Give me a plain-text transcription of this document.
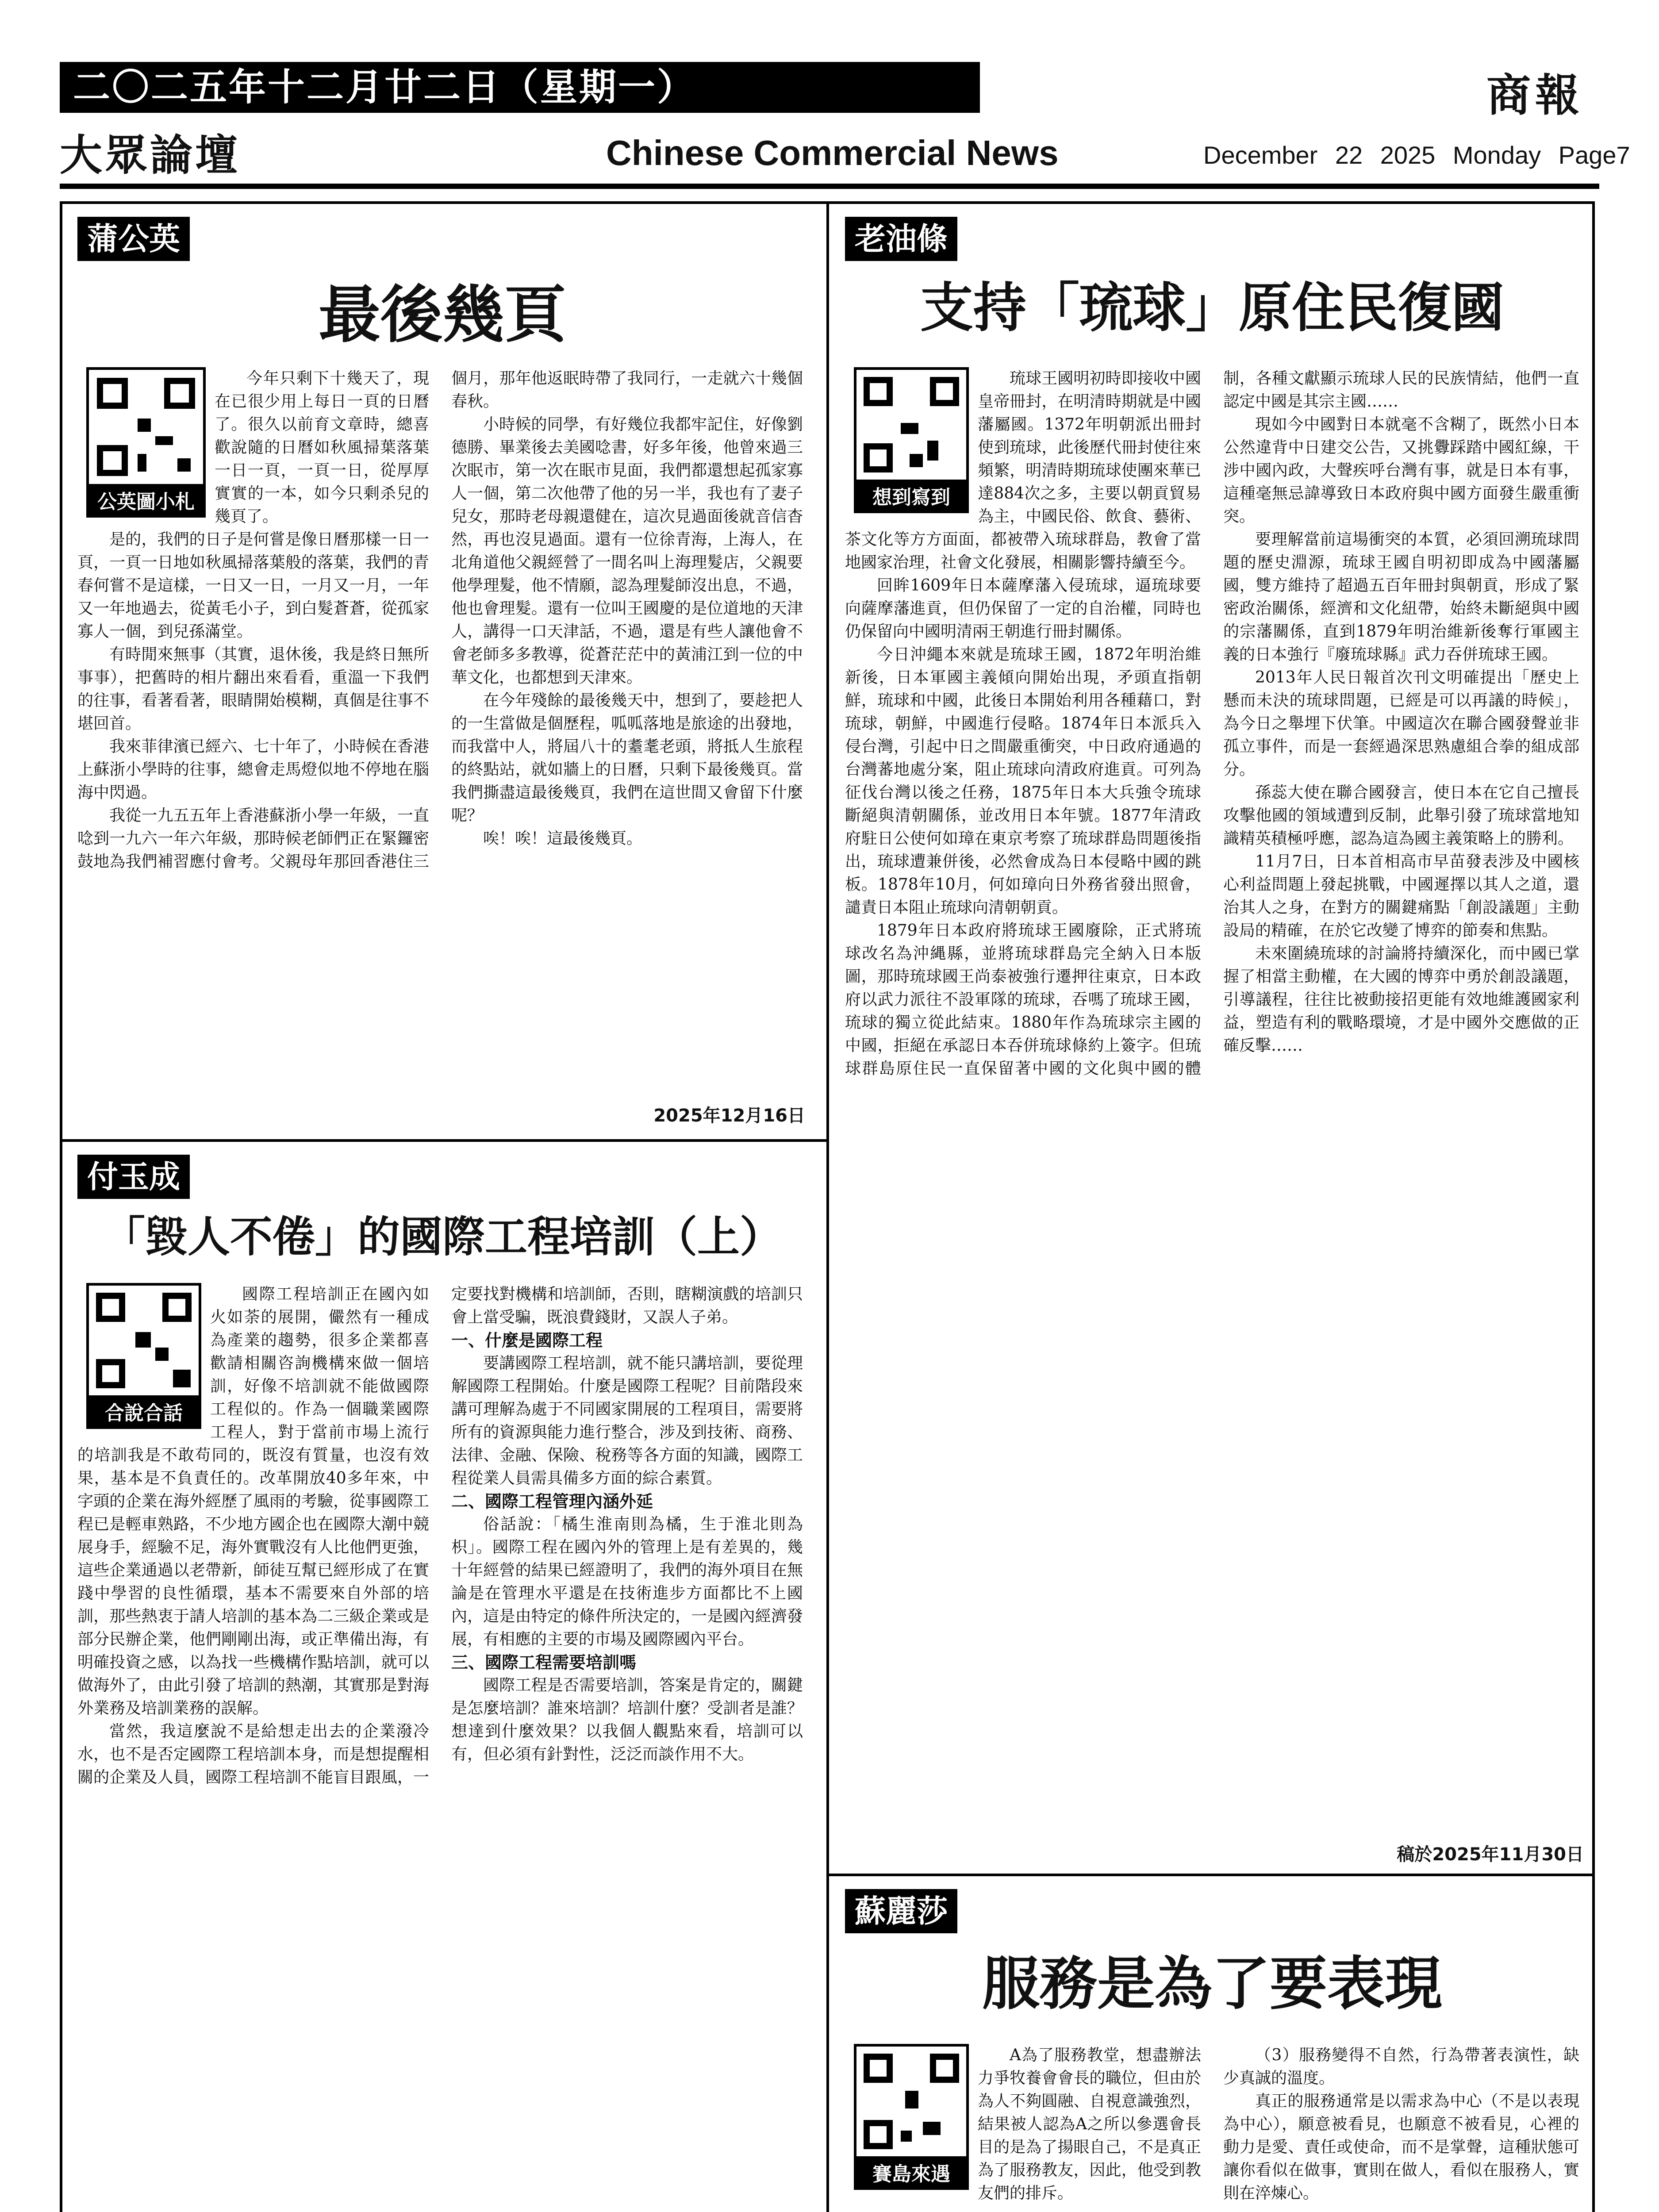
二〇二五年十二月廿二日（星期一）	商報
大眾論壇	Chinese Commercial News	December 22 2025 Monday Page7
蒲公英
最後幾頁
公英圖小札

今年只剩下十幾天了，現在已很少用上每日一頁的日曆了。很久以前育文章時，總喜歡說隨的日曆如秋風掃葉落葉一日一頁，一頁一日，從厚厚實實的一本，如今只剩杀兒的幾頁了。

是的，我們的日子是何嘗是像日曆那樣一日一頁，一頁一日地如秋風掃落葉般的落葉，我們的青春何嘗不是這樣，一日又一日，一月又一月，一年又一年地過去，從黃毛小子，到白髮蒼蒼，從孤家寡人一個，到兒孫滿堂。

有時閒來無事（其實，退休後，我是終日無所事事），把舊時的相片翻出來看看，重溫一下我們的往事，看著看著，眼睛開始模糊，真個是往事不堪回首。

我來菲律濱已經六、七十年了，小時候在香港上蘇浙小學時的往事，總會走馬燈似地不停地在腦海中閃過。

我從一九五五年上香港蘇浙小學一年級，一直唸到一九六一年六年級，那時候老師們正在緊鑼密鼓地為我們補習應付會考。父親母年那回香港住三個月，那年他返眠時帶了我同行，一走就六十幾個春秋。

小時候的同學，有好幾位我都牢記住，好像劉德勝、畢業後去美國唸書，好多年後，他曾來過三次眠市，第一次在眠市見面，我們都還想起孤家寡人一個，第二次他帶了他的另一半，我也有了妻子兒女，那時老母親還健在，這次見過面後就音信杳然，再也沒見過面。還有一位徐青海，上海人，在北角道他父親經營了一間名叫上海理髮店，父親要他學理髮，他不情願，認為理髮師沒出息，不過，他也會理髮。還有一位叫王國慶的是位道地的天津人，講得一口天津話，不過，還是有些人讓他會不會老師多多教導，從蒼茫茫中的黃浦江到一位的中華文化，也都想到天津來。

在今年殘餘的最後幾天中，想到了，要趁把人的一生當做是個歷程，呱呱落地是旅途的出發地，而我當中人，將屆八十的耋耄老頭，將抵人生旅程的終點站，就如牆上的日曆，只剩下最後幾頁。當我們撕盡這最後幾頁，我們在這世間又會留下什麼呢？

唉！唉！這最後幾頁。

2025年12月16日
付玉成
「毀人不倦」的國際工程培訓（上）
合說合話

國際工程培訓正在國內如火如荼的展開，儼然有一種成為產業的趨勢，很多企業都喜歡請相關咨詢機構來做一個培訓，好像不培訓就不能做國際工程似的。作為一個職業國際工程人，對于當前市場上流行的培訓我是不敢苟同的，既沒有質量，也沒有效果，基本是不負責任的。改革開放40多年來，中字頭的企業在海外經歷了風雨的考驗，從事國際工程已是輕車熟路，不少地方國企也在國際大潮中競展身手，經驗不足，海外實戰沒有人比他們更強，這些企業通過以老帶新，師徒互幫已經形成了在實踐中學習的良性循環，基本不需要來自外部的培訓，那些熱衷于請人培訓的基本為二三級企業或是部分民辦企業，他們剛剛出海，或正準備出海，有明確投資之感，以為找一些機構作點培訓，就可以做海外了，由此引發了培訓的熱潮，其實那是對海外業務及培訓業務的誤解。

當然，我這麼說不是給想走出去的企業潑冷水，也不是否定國際工程培訓本身，而是想提醒相關的企業及人員，國際工程培訓不能盲目跟風，一定要找對機構和培訓師，否則，瞎糊演戲的培訓只會上當受騙，既浪費錢財，又誤人子弟。

一、什麼是國際工程

要講國際工程培訓，就不能只講培訓，要從理解國際工程開始。什麼是國際工程呢？目前階段來講可理解為處于不同國家開展的工程項目，需要將所有的資源與能力進行整合，涉及到技術、商務、法律、金融、保險、稅務等各方面的知識，國際工程從業人員需具備多方面的綜合素質。

二、國際工程管理內涵外延

俗話說：「橘生淮南則為橘，生于淮北則為枳」。國際工程在國內外的管理上是有差異的，幾十年經營的結果已經證明了，我們的海外項目在無論是在管理水平還是在技術進步方面都比不上國內，這是由特定的條件所決定的，一是國內經濟發展，有相應的主要的市場及國際國內平台。

三、國際工程需要培訓嗎

國際工程是否需要培訓，答案是肯定的，關鍵是怎麼培訓？誰來培訓？培訓什麼？受訓者是誰？想達到什麼效果？以我個人觀點來看，培訓可以有，但必須有針對性，泛泛而談作用不大。

老油條
支持「琉球」原住民復國
想到寫到

琉球王國明初時即接收中國皇帝冊封，在明清時期就是中國藩屬國。1372年明朝派出冊封使到琉球，此後歷代冊封使往來頻繁，明清時期琉球使團來華已達884次之多，主要以朝貢貿易為主，中國民俗、飲食、藝術、茶文化等方方面面，都被帶入琉球群島，教會了當地國家治理，社會文化發展，相關影響持續至今。

回眸1609年日本薩摩藩入侵琉球，逼琉球要向薩摩藩進貢，但仍保留了一定的自治權，同時也仍保留向中國明清兩王朝進行冊封關係。

今日沖繩本來就是琉球王國，1872年明治維新後，日本軍國主義傾向開始出現，矛頭直指朝鮮，琉球和中國，此後日本開始利用各種藉口，對琉球，朝鮮，中國進行侵略。1874年日本派兵入侵台灣，引起中日之間嚴重衝突，中日政府通過的台灣蕃地處分案，阻止琉球向清政府進貢。可列為征伐台灣以後之任務，1875年日本大兵強令琉球斷絕與清朝關係，並改用日本年號。1877年清政府駐日公使何如璋在東京考察了琉球群島問題後指出，琉球遭兼併後，必然會成為日本侵略中國的跳板。1878年10月，何如璋向日外務省發出照會，譴責日本阻止琉球向清朝朝貢。

1879年日本政府將琉球王國廢除，正式將琉球改名為沖縄縣，並將琉球群島完全納入日本版圖，那時琉球國王尚泰被強行遷押往東京，日本政府以武力派往不設軍隊的琉球，吞嗎了琉球王國，琉球的獨立從此結束。1880年作為琉球宗主國的中國，拒絕在承認日本吞併琉球條約上簽字。但琉球群島原住民一直保留著中國的文化與中國的體制，各種文獻顯示琉球人民的民族情結，他們一直認定中國是其宗主國……

現如今中國對日本就毫不含糊了，既然小日本公然違背中日建交公告，又挑釁踩踏中國紅線，干涉中國內政，大聲疾呼台灣有事，就是日本有事，這種毫無忌諱導致日本政府與中國方面發生嚴重衝突。

要理解當前這場衝突的本質，必須回溯琉球問題的歷史淵源，琉球王國自明初即成為中國藩屬國，雙方維持了超過五百年冊封與朝貢，形成了緊密政治關係，經濟和文化紐帶，始終未斷絕與中國的宗藩關係，直到1879年明治維新後奪行軍國主義的日本強行『廢琉球縣』武力吞併琉球王國。

2013年人民日報首次刊文明確提出「歷史上懸而未決的琉球問題，已經是可以再議的時候」，為今日之舉埋下伏筆。中國這次在聯合國發聲並非孤立事件，而是一套經過深思熟慮組合拳的組成部分。

孫蕊大使在聯合國發言，使日本在它自己擅長攻擊他國的領域遭到反制，此舉引發了琉球當地知識精英積極呼應，認為這為國主義策略上的勝利。

11月7日，日本首相高市早苗發表涉及中國核心利益問題上發起挑戰，中國遲擇以其人之道，還治其人之身，在對方的關鍵痛點「創設議題」主動設局的精確，在於它改變了博弈的節奏和焦點。

未來圍繞琉球的討論將持續深化，而中國已掌握了相當主動權，在大國的博弈中勇於創設議題，引導議程，往往比被動接招更能有效地維護國家利益，塑造有利的戰略環境，才是中國外交應做的正確反擊……

稿於2025年11月30日
蘇麗莎
服務是為了要表現
賽島來遇

A為了服務教堂，想盡辦法力爭牧養會會長的職位，但由於為人不夠圓融、自視意識強烈，結果被人認為A之所以參選會長目的是為了揚眼自己，不是真正為了服務教友，因此，他受到教友們的排斥。

（3）服務變得不自然，行為帶著表演性，缺少真誠的溫度。

真正的服務通常是以需求為中心（不是以表現為中心），願意被看見，也願意不被看見，心裡的動力是愛、責任或使命，而不是掌聲，這種狀態可讓你看似在做事，實則在做人，看似在服務人，實則在淬煉心。
